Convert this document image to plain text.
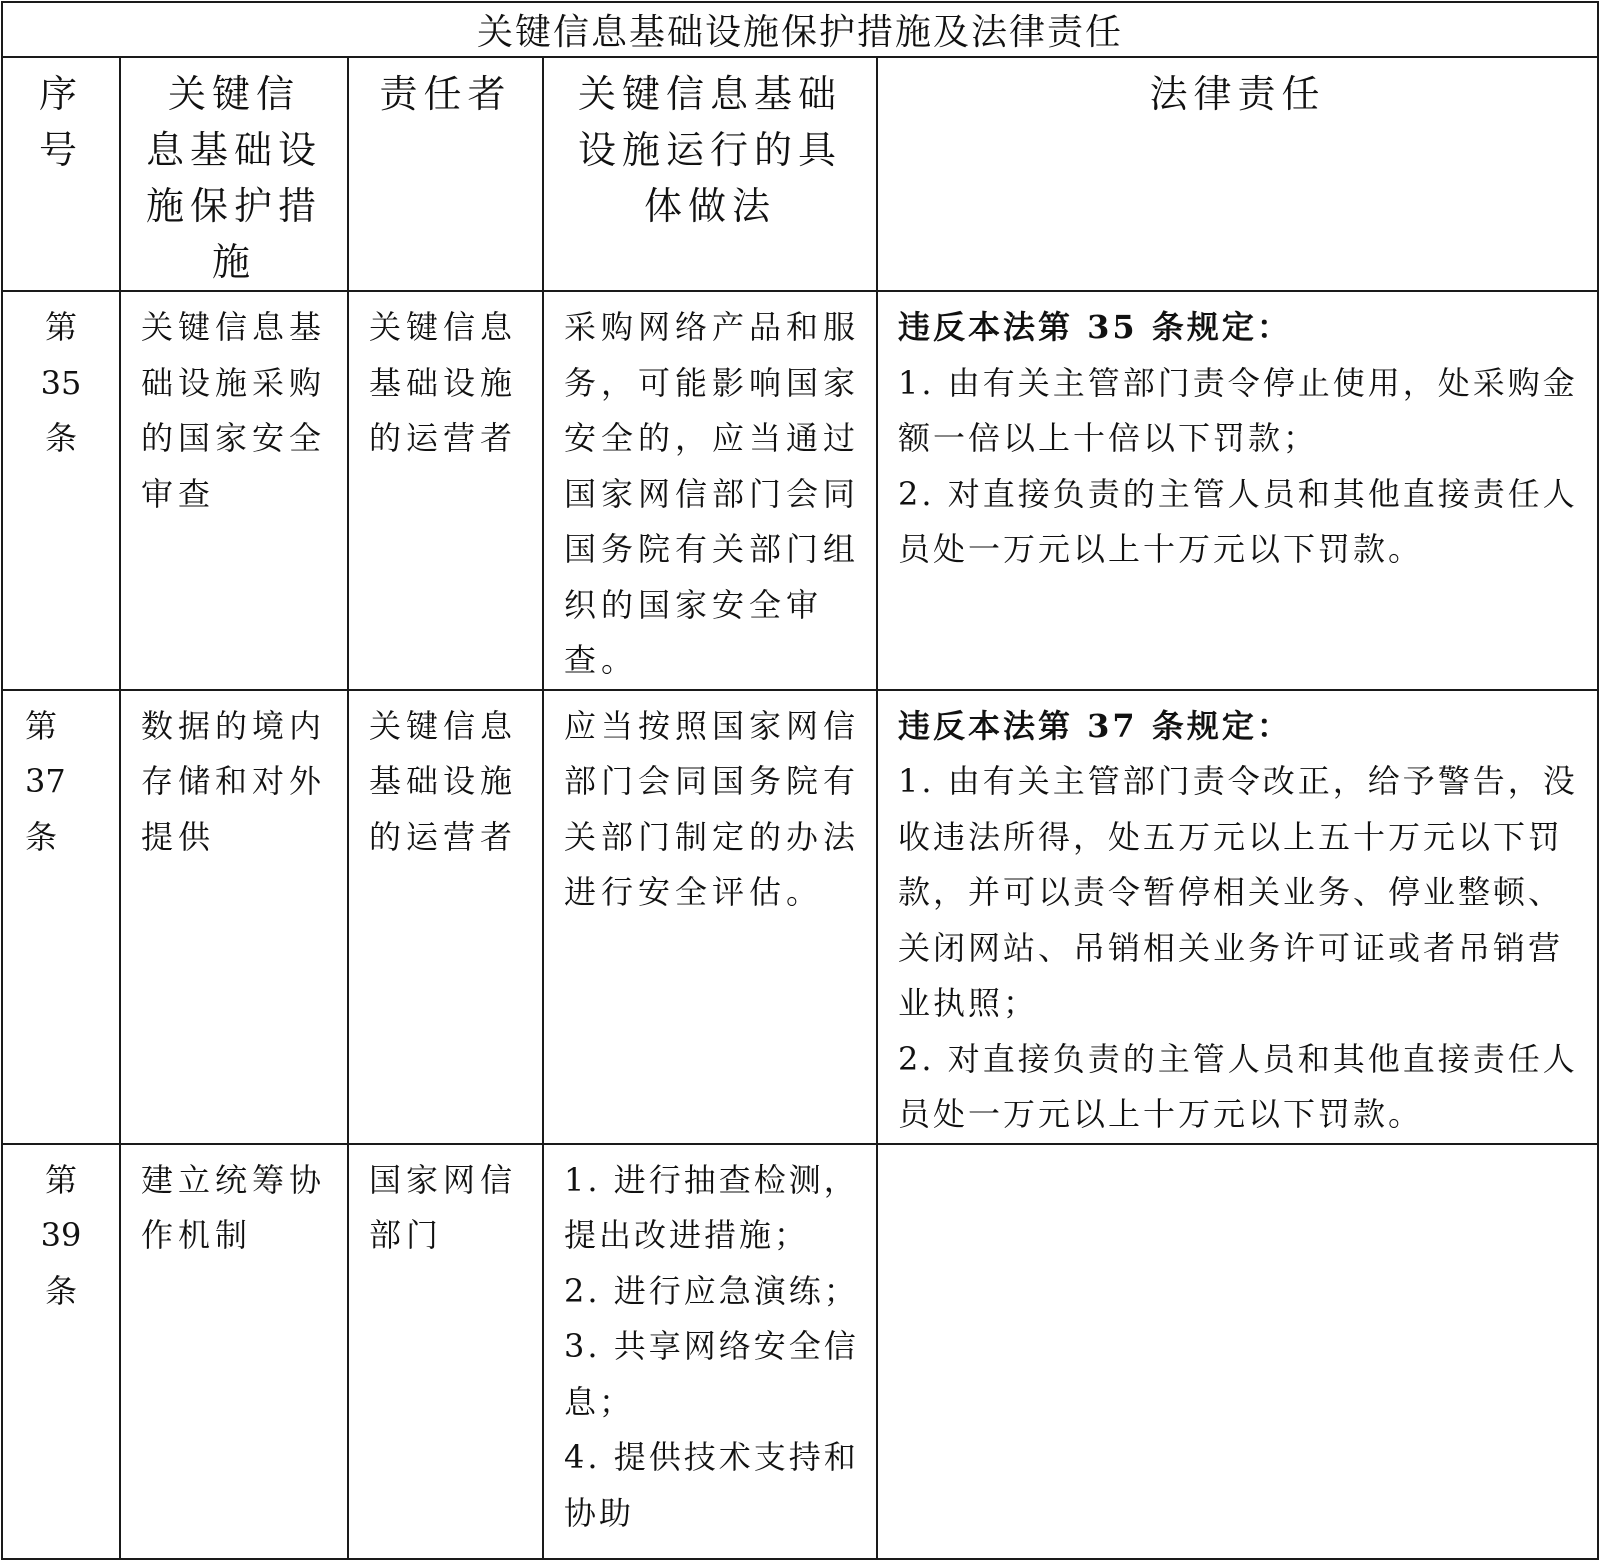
关键信息基础设施保护措施及法律责任				

序
号	关键信
息基础设
施保护措
施	责任者	关键信息基础
设施运行的具
体做法	法律责任

第
35
条	关键信息基础设施采购的国家安全审查	关键信息基础设施的运营者	采购网络产品和服务，可能影响国家安全的，应当通过国家网信部门会同国务院有关部门组织的国家安全审查。	违反本法第 35 条规定：
1. 由有关主管部门责令停止使用，处采购金额一倍以上十倍以下罚款；
2. 对直接负责的主管人员和其他直接责任人员处一万元以上十万元以下罚款。

第
37
条	数据的境内存储和对外提供	关键信息基础设施的运营者	应当按照国家网信部门会同国务院有关部门制定的办法进行安全评估。	违反本法第 37 条规定：
1. 由有关主管部门责令改正，给予警告，没收违法所得，处五万元以上五十万元以下罚款，并可以责令暂停相关业务、停业整顿、关闭网站、吊销相关业务许可证或者吊销营业执照；
2. 对直接负责的主管人员和其他直接责任人员处一万元以上十万元以下罚款。

第
39
条	建立统筹协作机制	国家网信部门	1. 进行抽查检测，提出改进措施；
2. 进行应急演练；
3. 共享网络安全信息；
4. 提供技术支持和协助	
